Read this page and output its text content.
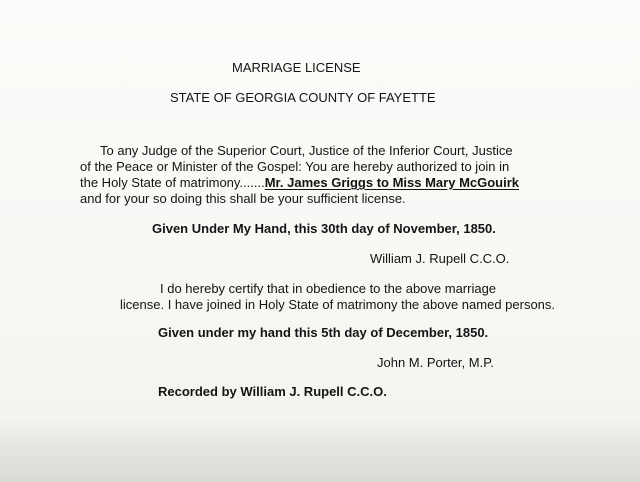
MARRIAGE LICENSE
STATE OF GEORGIA COUNTY OF FAYETTE
To any Judge of the Superior Court, Justice of the Inferior Court, Justice
of the Peace or Minister of the Gospel: You are hereby authorized to join in
the Holy State of matrimony.......Mr. James Griggs to Miss Mary McGouirk
and for your so doing this shall be your sufficient license.
Given Under My Hand, this 30th day of November, 1850.
William J. Rupell C.C.O.
I do hereby certify that in obedience to the above marriage
license. I have joined in Holy State of matrimony the above named persons.
Given under my hand this 5th day of December, 1850.
John M. Porter, M.P.
Recorded by William J. Rupell C.C.O.
